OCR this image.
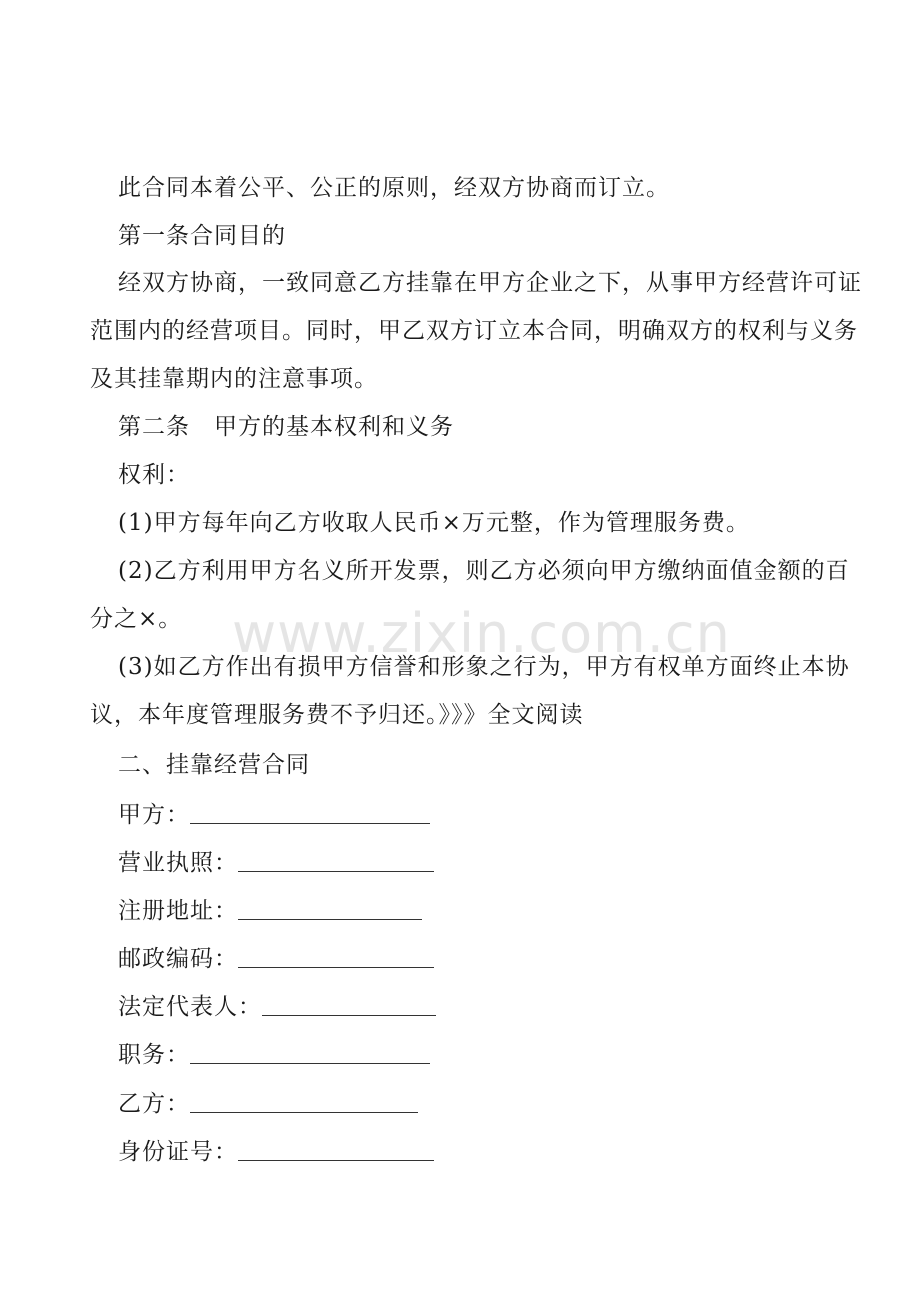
此合同本着公平、公正的原则，经双方协商而订立。
第一条合同目的
经双方协商，一致同意乙方挂靠在甲方企业之下，从事甲方经营许可证
范围内的经营项目。同时，甲乙双方订立本合同，明确双方的权利与义务
及其挂靠期内的注意事项。
第二条　甲方的基本权利和义务
权利：
(1)甲方每年向乙方收取人民币×万元整，作为管理服务费。
(2)乙方利用甲方名义所开发票，则乙方必须向甲方缴纳面值金额的百
分之×。
(3)如乙方作出有损甲方信誉和形象之行为，甲方有权单方面终止本协
议，本年度管理服务费不予归还。》》》全文阅读
二、挂靠经营合同
甲方：
营业执照：
注册地址：
邮政编码：
法定代表人：
职务：
乙方：
身份证号：
www.zixin.com.cn
